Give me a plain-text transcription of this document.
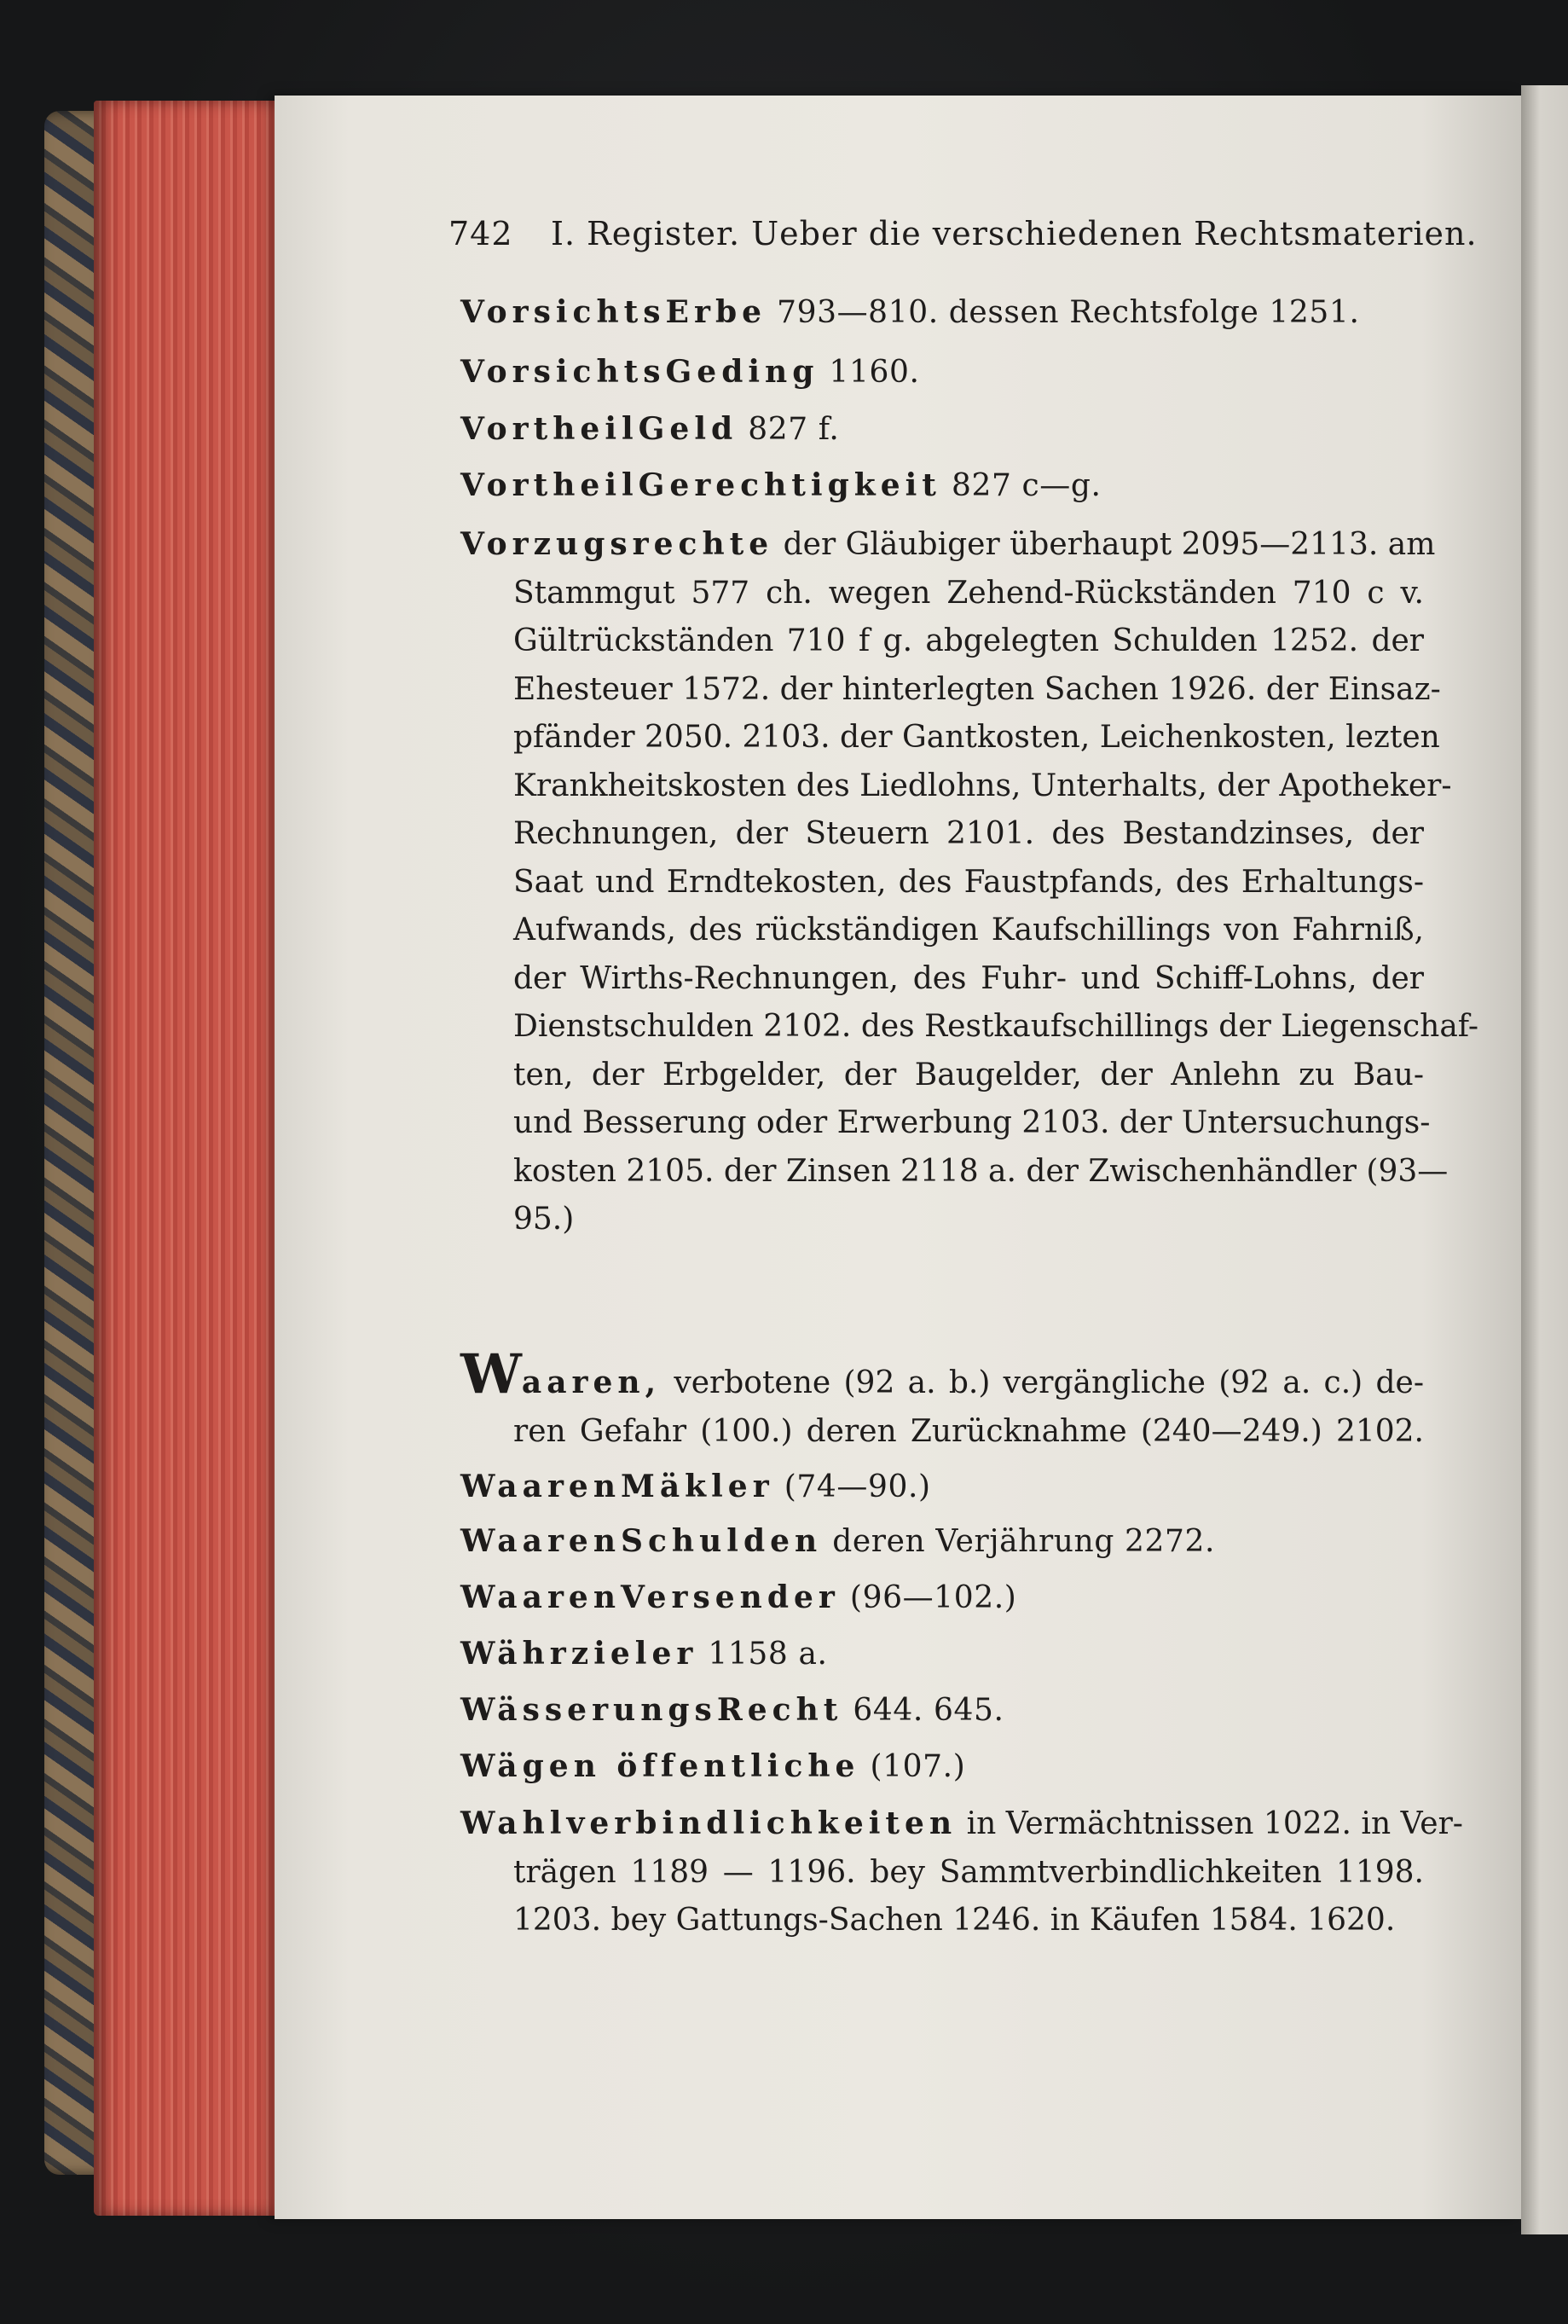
742 I. Register. Ueber die verschiedenen Rechtsmaterien.
VorsichtsErbe 793—810. dessen Rechtsfolge 1251.
VorsichtsGeding 1160.
VortheilGeld 827 f.
VortheilGerechtigkeit 827 c—g.

Vorzugsrechte der Gläubiger überhaupt 2095—2113. am

Stammgut 577 ch. wegen Zehend-Rückständen 710 c v.

Gültrückständen 710 f g. abgelegten Schulden 1252. der

Ehesteuer 1572. der hinterlegten Sachen 1926. der Einsaz-

pfänder 2050. 2103. der Gantkosten, Leichenkosten, lezten

Krankheitskosten des Liedlohns, Unterhalts, der Apotheker-

Rechnungen, der Steuern 2101. des Bestandzinses, der

Saat und Erndtekosten, des Faustpfands, des Erhaltungs-

Aufwands, des rückständigen Kaufschillings von Fahrniß,

der Wirths-Rechnungen, des Fuhr- und Schiff-Lohns, der

Dienstschulden 2102. des Restkaufschillings der Liegenschaf-

ten, der Erbgelder, der Baugelder, der Anlehn zu Bau-

und Besserung oder Erwerbung 2103. der Untersuchungs-

kosten 2105. der Zinsen 2118 a. der Zwischenhändler (93—

95.)

Waaren, verbotene (92 a. b.) vergängliche (92 a. c.) de-

ren Gefahr (100.) deren Zurücknahme (240—249.) 2102.

WaarenMäkler (74—90.)
WaarenSchulden deren Verjährung 2272.
WaarenVersender (96—102.)
Währzieler 1158 a.
WässerungsRecht 644. 645.
Wägen öffentliche (107.)

Wahlverbindlichkeiten in Vermächtnissen 1022. in Ver-

trägen 1189 — 1196. bey Sammtverbindlichkeiten 1198.

1203. bey Gattungs-Sachen 1246. in Käufen 1584. 1620.
